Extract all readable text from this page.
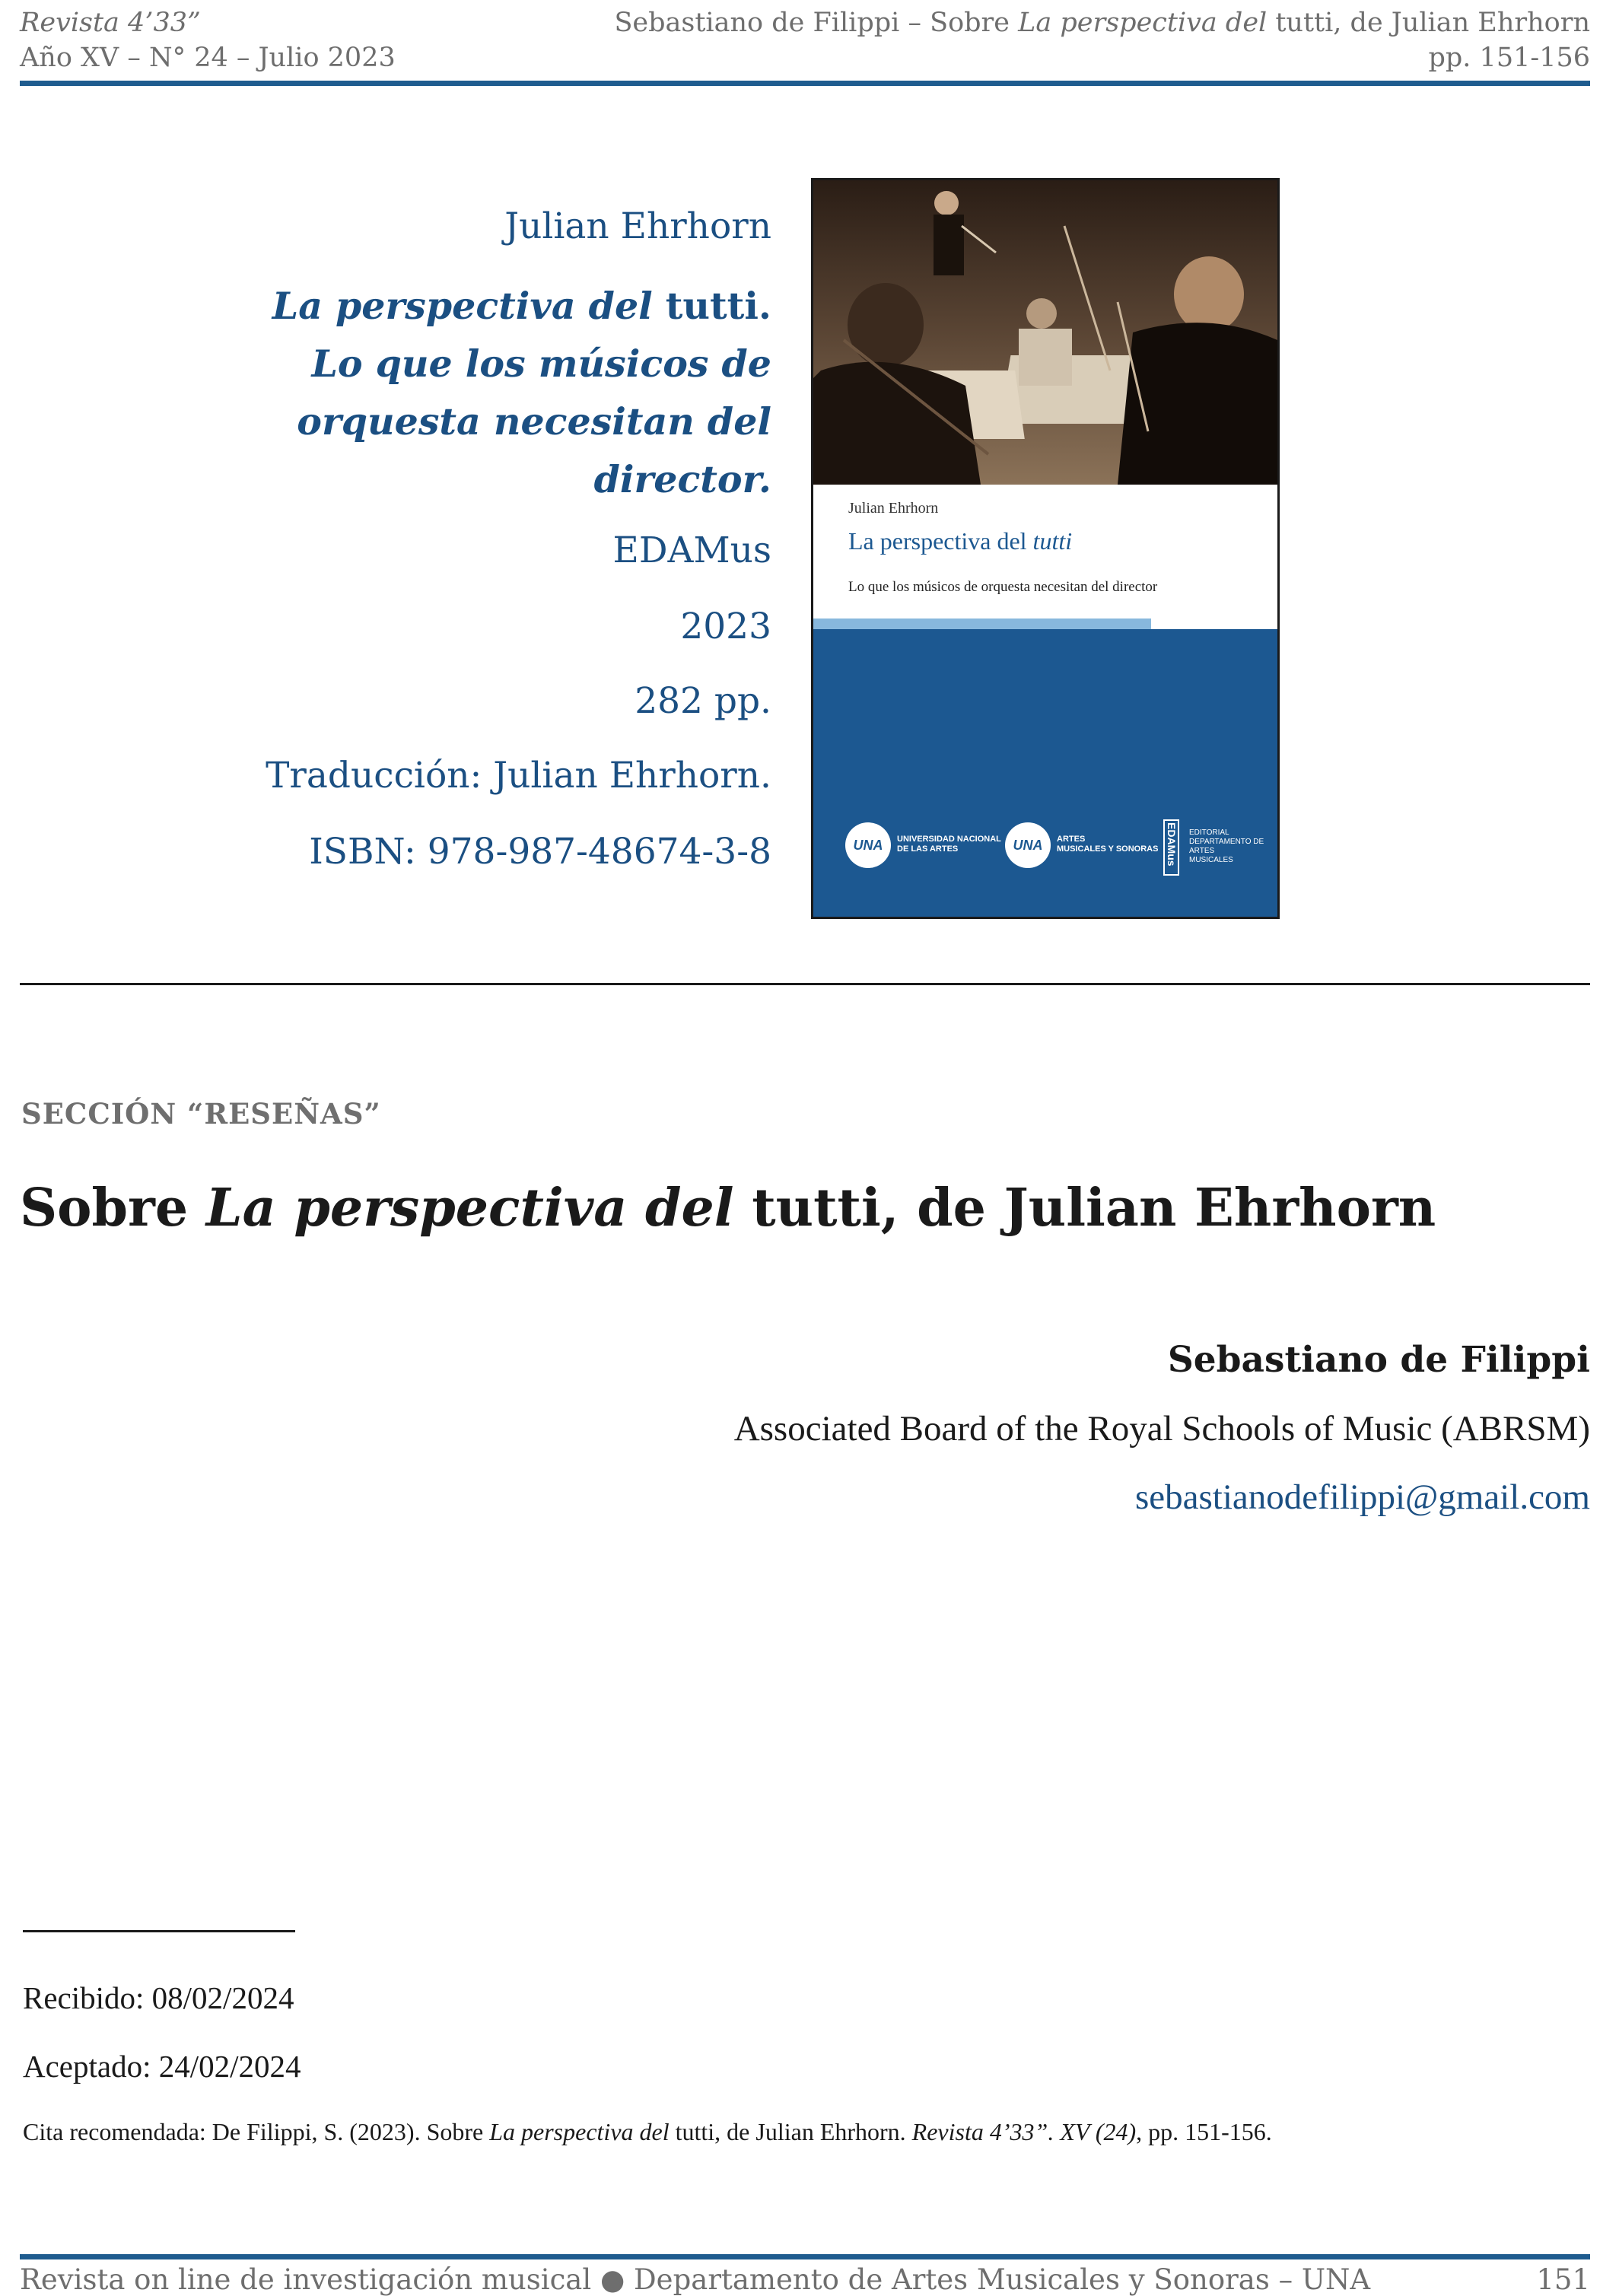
Revista 4’33”
Año XV – N° 24 – Julio 2023
Sebastiano de Filippi – Sobre La perspectiva del tutti, de Julian Ehrhorn
pp. 151-156
Julian Ehrhorn
La perspectiva del tutti.
Lo que los músicos de orquesta necesitan del director.
EDAMus
2023
282 pp.
Traducción: Julian Ehrhorn.
ISBN: 978-987-48674-3-8
Julian Ehrhorn
La perspectiva del tutti
Lo que los músicos de orquesta necesitan del director
UNA	UNIVERSIDAD NACIONAL
DE LAS ARTES	UNA	ARTES
MUSICALES Y SONORAS EDAMus EDITORIAL
DEPARTAMENTO DE
ARTES
MUSICALES
SECCIÓN “RESEÑAS”
Sobre La perspectiva del tutti, de Julian Ehrhorn
Sebastiano de Filippi
Associated Board of the Royal Schools of Music (ABRSM)
sebastianodefilippi@gmail.com
Recibido: 08/02/2024
Aceptado: 24/02/2024
Cita recomendada: De Filippi, S. (2023). Sobre La perspectiva del tutti, de Julian Ehrhorn. Revista 4’33”. XV (24), pp. 151-156.
Revista on line de investigación musical ● Departamento de Artes Musicales y Sonoras – UNA	151
